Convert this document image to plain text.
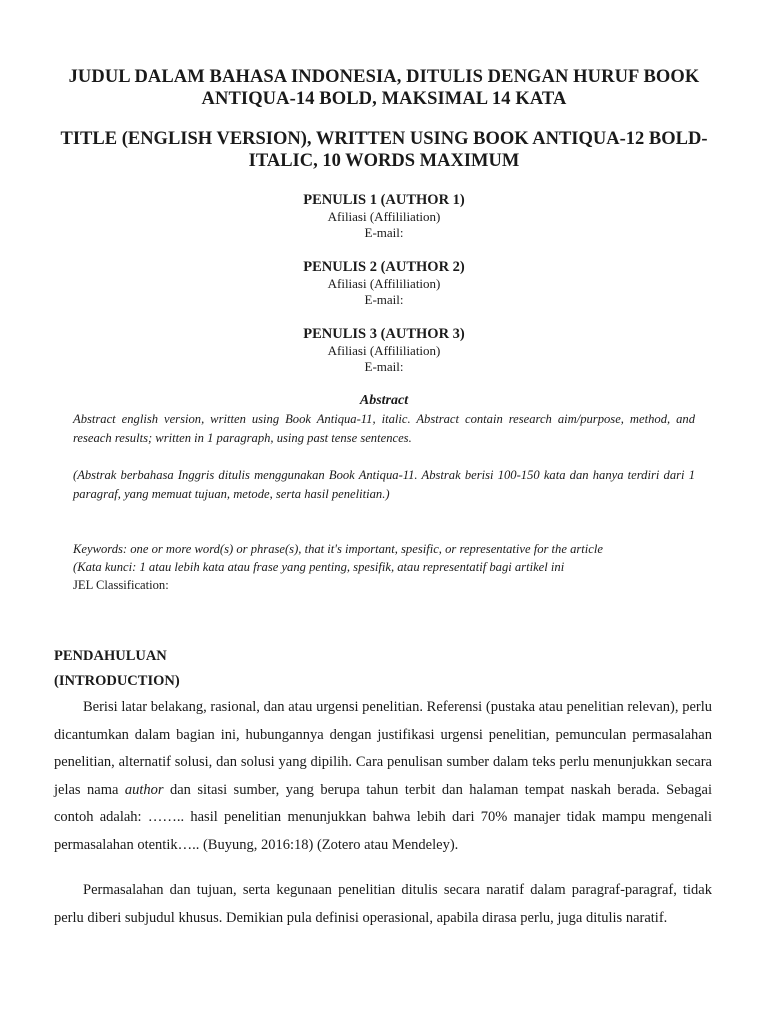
JUDUL DALAM BAHASA INDONESIA, DITULIS DENGAN HURUF BOOK
ANTIQUA-14 BOLD, MAKSIMAL 14 KATA
TITLE (ENGLISH VERSION), WRITTEN USING BOOK ANTIQUA-12 BOLD-
ITALIC, 10 WORDS MAXIMUM
PENULIS 1 (AUTHOR 1)
Afiliasi (Affililiation)
E-mail:
PENULIS 2 (AUTHOR 2)
Afiliasi (Affililiation)
E-mail:
PENULIS 3 (AUTHOR 3)
Afiliasi (Affililiation)
E-mail:
Abstract

Abstract english version, written using Book Antiqua-11, italic. Abstract contain research aim/purpose, method, and reseach results; written in 1 paragraph, using past tense sentences.

(Abstrak berbahasa Inggris ditulis menggunakan Book Antiqua-11. Abstrak berisi 100-150 kata dan hanya terdiri dari 1 paragraf, yang memuat tujuan, metode, serta hasil penelitian.)

Keywords: one or more word(s) or phrase(s), that it's important, spesific, or representative for the article
(Kata kunci: 1 atau lebih kata atau frase yang penting, spesifik, atau representatif bagi artikel ini
JEL Classification:
PENDAHULUAN
(INTRODUCTION)

Berisi latar belakang, rasional, dan atau urgensi penelitian. Referensi (pustaka atau penelitian relevan), perlu dicantumkan dalam bagian ini, hubungannya dengan justifikasi urgensi penelitian, pemunculan permasalahan penelitian, alternatif solusi, dan solusi yang dipilih. Cara penulisan sumber dalam teks perlu menunjukkan secara jelas nama author dan sitasi sumber, yang berupa tahun terbit dan halaman tempat naskah berada. Sebagai contoh adalah: …….. hasil penelitian menunjukkan bahwa lebih dari 70% manajer tidak mampu mengenali permasalahan otentik….. (Buyung, 2016:18) (Zotero atau Mendeley).

Permasalahan dan tujuan, serta kegunaan penelitian ditulis secara naratif dalam paragraf-paragraf, tidak perlu diberi subjudul khusus. Demikian pula definisi operasional, apabila dirasa perlu, juga ditulis naratif.
